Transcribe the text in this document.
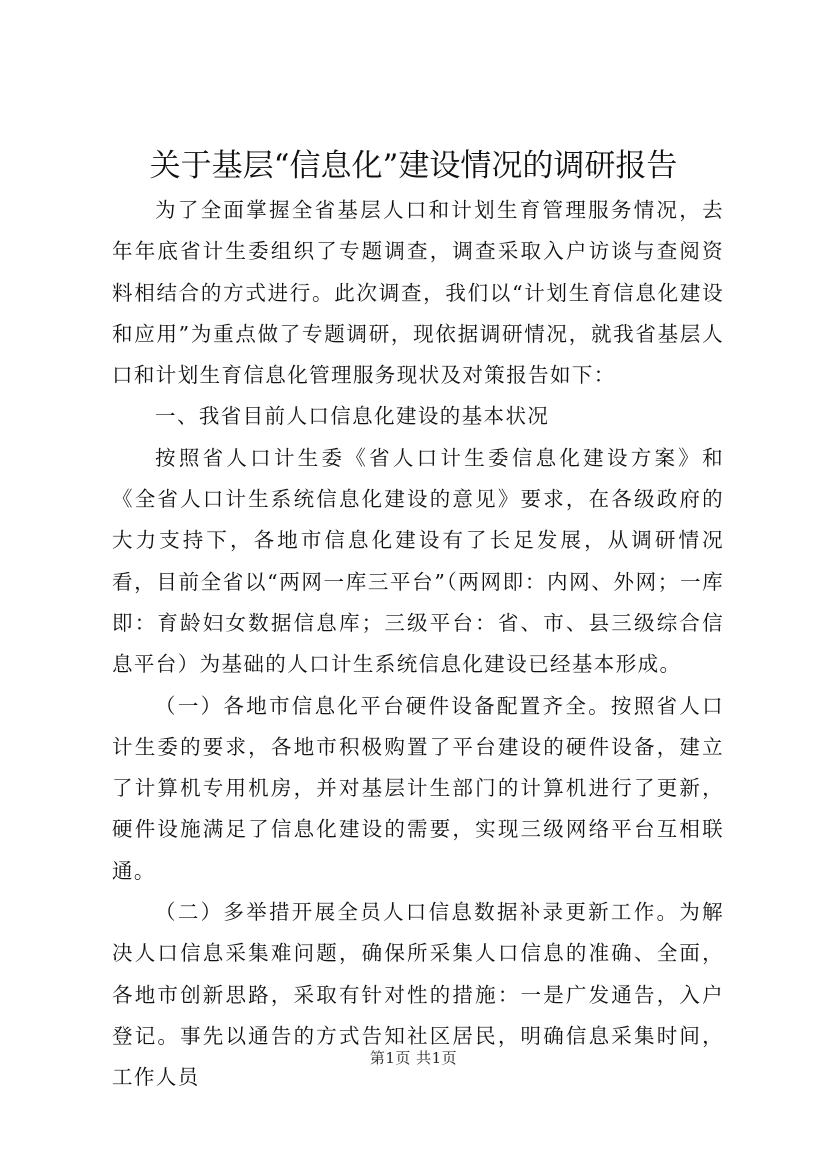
关于基层“信息化”建设情况的调研报告

为了全面掌握全省基层人口和计划生育管理服务情况，去年年底省计生委组织了专题调查，调查采取入户访谈与查阅资料相结合的方式进行。此次调查，我们以“计划生育信息化建设和应用”为重点做了专题调研，现依据调研情况，就我省基层人口和计划生育信息化管理服务现状及对策报告如下：

一、我省目前人口信息化建设的基本状况

按照省人口计生委《省人口计生委信息化建设方案》和《全省人口计生系统信息化建设的意见》要求，在各级政府的大力支持下，各地市信息化建设有了长足发展，从调研情况看，目前全省以“两网一库三平台”（两网即：内网、外网；一库即：育龄妇女数据信息库；三级平台：省、市、县三级综合信息平台）为基础的人口计生系统信息化建设已经基本形成。

（一）各地市信息化平台硬件设备配置齐全。按照省人口计生委的要求，各地市积极购置了平台建设的硬件设备，建立了计算机专用机房，并对基层计生部门的计算机进行了更新，硬件设施满足了信息化建设的需要，实现三级网络平台互相联通。

（二）多举措开展全员人口信息数据补录更新工作。为解决人口信息采集难问题，确保所采集人口信息的准确、全面，各地市创新思路，采取有针对性的措施：一是广发通告，入户登记。事先以通告的方式告知社区居民，明确信息采集时间，工作人员

第1页 共1页
